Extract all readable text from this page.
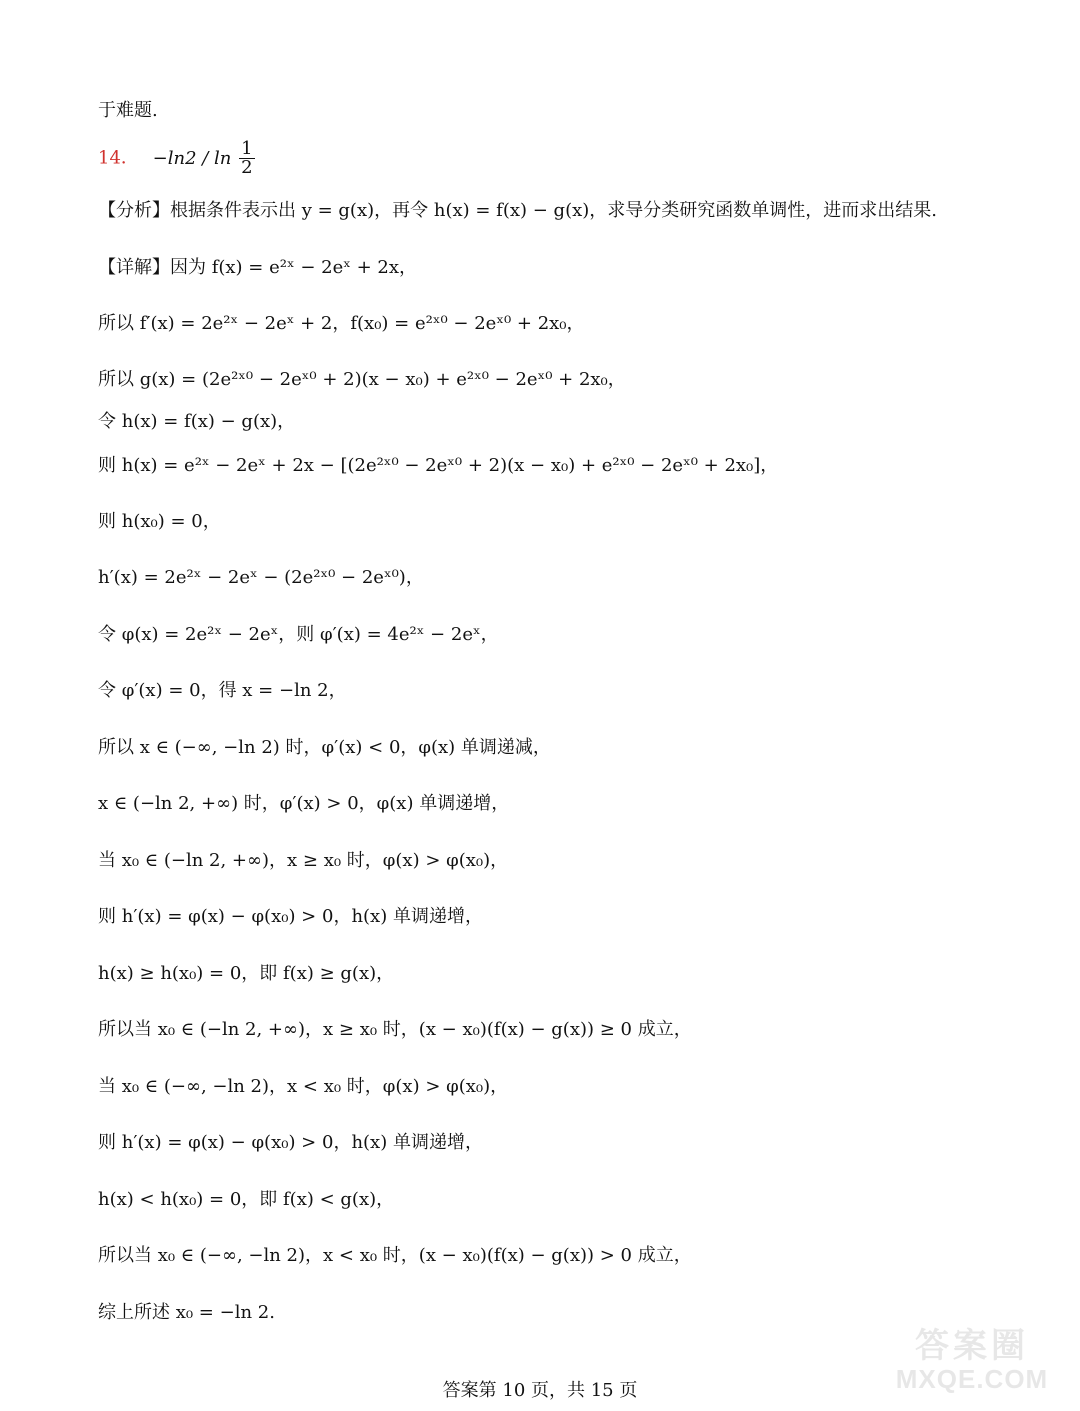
于难题.
14． $-\ln 2 / \ln \frac{1}{2}$
【分析】根据条件表示出 y = g(x)，再令 h(x) = f(x) − g(x)，求导分类研究函数单调性，进而求出结果.
【详解】因为 f(x) = e²ˣ − 2eˣ + 2x，
所以 f′(x) = 2e²ˣ − 2eˣ + 2，f(x₀) = e²ˣ⁰ − 2eˣ⁰ + 2x₀，
所以 g(x) = (2e²ˣ⁰ − 2eˣ⁰ + 2)(x − x₀) + e²ˣ⁰ − 2eˣ⁰ + 2x₀，
令 h(x) = f(x) − g(x)，
则 h(x) = e²ˣ − 2eˣ + 2x − [(2e²ˣ⁰ − 2eˣ⁰ + 2)(x − x₀) + e²ˣ⁰ − 2eˣ⁰ + 2x₀]，
则 h(x₀) = 0，
h′(x) = 2e²ˣ − 2eˣ − (2e²ˣ⁰ − 2eˣ⁰)，
令 φ(x) = 2e²ˣ − 2eˣ，则 φ′(x) = 4e²ˣ − 2eˣ，
令 φ′(x) = 0，得 x = −ln 2，
所以 x ∈ (−∞, −ln 2) 时，φ′(x) < 0，φ(x) 单调递减，
x ∈ (−ln 2, +∞) 时，φ′(x) > 0，φ(x) 单调递增，
当 x₀ ∈ (−ln 2, +∞)，x ≥ x₀ 时，φ(x) > φ(x₀)，
则 h′(x) = φ(x) − φ(x₀) > 0，h(x) 单调递增，
h(x) ≥ h(x₀) = 0，即 f(x) ≥ g(x)，
所以当 x₀ ∈ (−ln 2, +∞)，x ≥ x₀ 时，(x − x₀)(f(x) − g(x)) ≥ 0 成立，
当 x₀ ∈ (−∞, −ln 2)，x < x₀ 时，φ(x) > φ(x₀)，
则 h′(x) = φ(x) − φ(x₀) > 0，h(x) 单调递增，
h(x) < h(x₀) = 0，即 f(x) < g(x)，
所以当 x₀ ∈ (−∞, −ln 2)，x < x₀ 时，(x − x₀)(f(x) − g(x)) > 0 成立，
综上所述 x₀ = −ln 2.
答案第 10 页，共 15 页
答案圈
MXQE.COM
